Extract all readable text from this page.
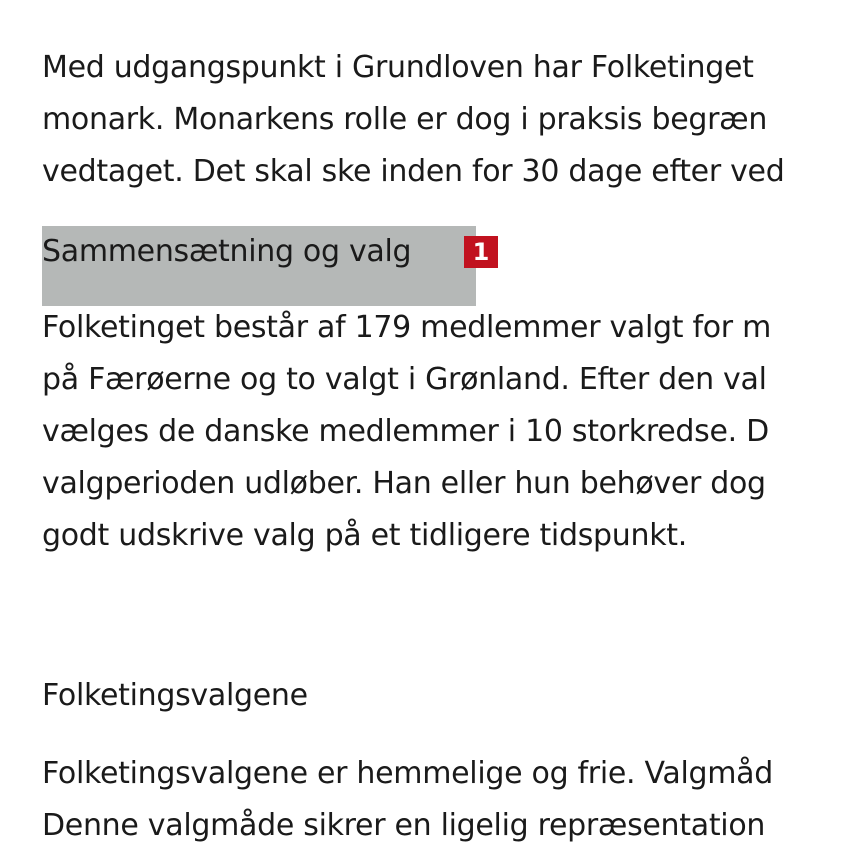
Med udgangspunkt i Grundloven har Folketinget
monark. Monarkens rolle er dog i praksis begræn
vedtaget. Det skal ske inden for 30 dage efter ved
Sammensætning og valg	1
Folketinget består af 179 medlemmer valgt for m
på Færøerne og to valgt i Grønland. Efter den val
vælges de danske medlemmer i 10 storkredse. D
valgperioden udløber. Han eller hun behøver dog
godt udskrive valg på et tidligere tidspunkt.
Folketingsvalgene
Folketingsvalgene er hemmelige og frie. Valgmåd
Denne valgmåde sikrer en ligelig repræsentation
